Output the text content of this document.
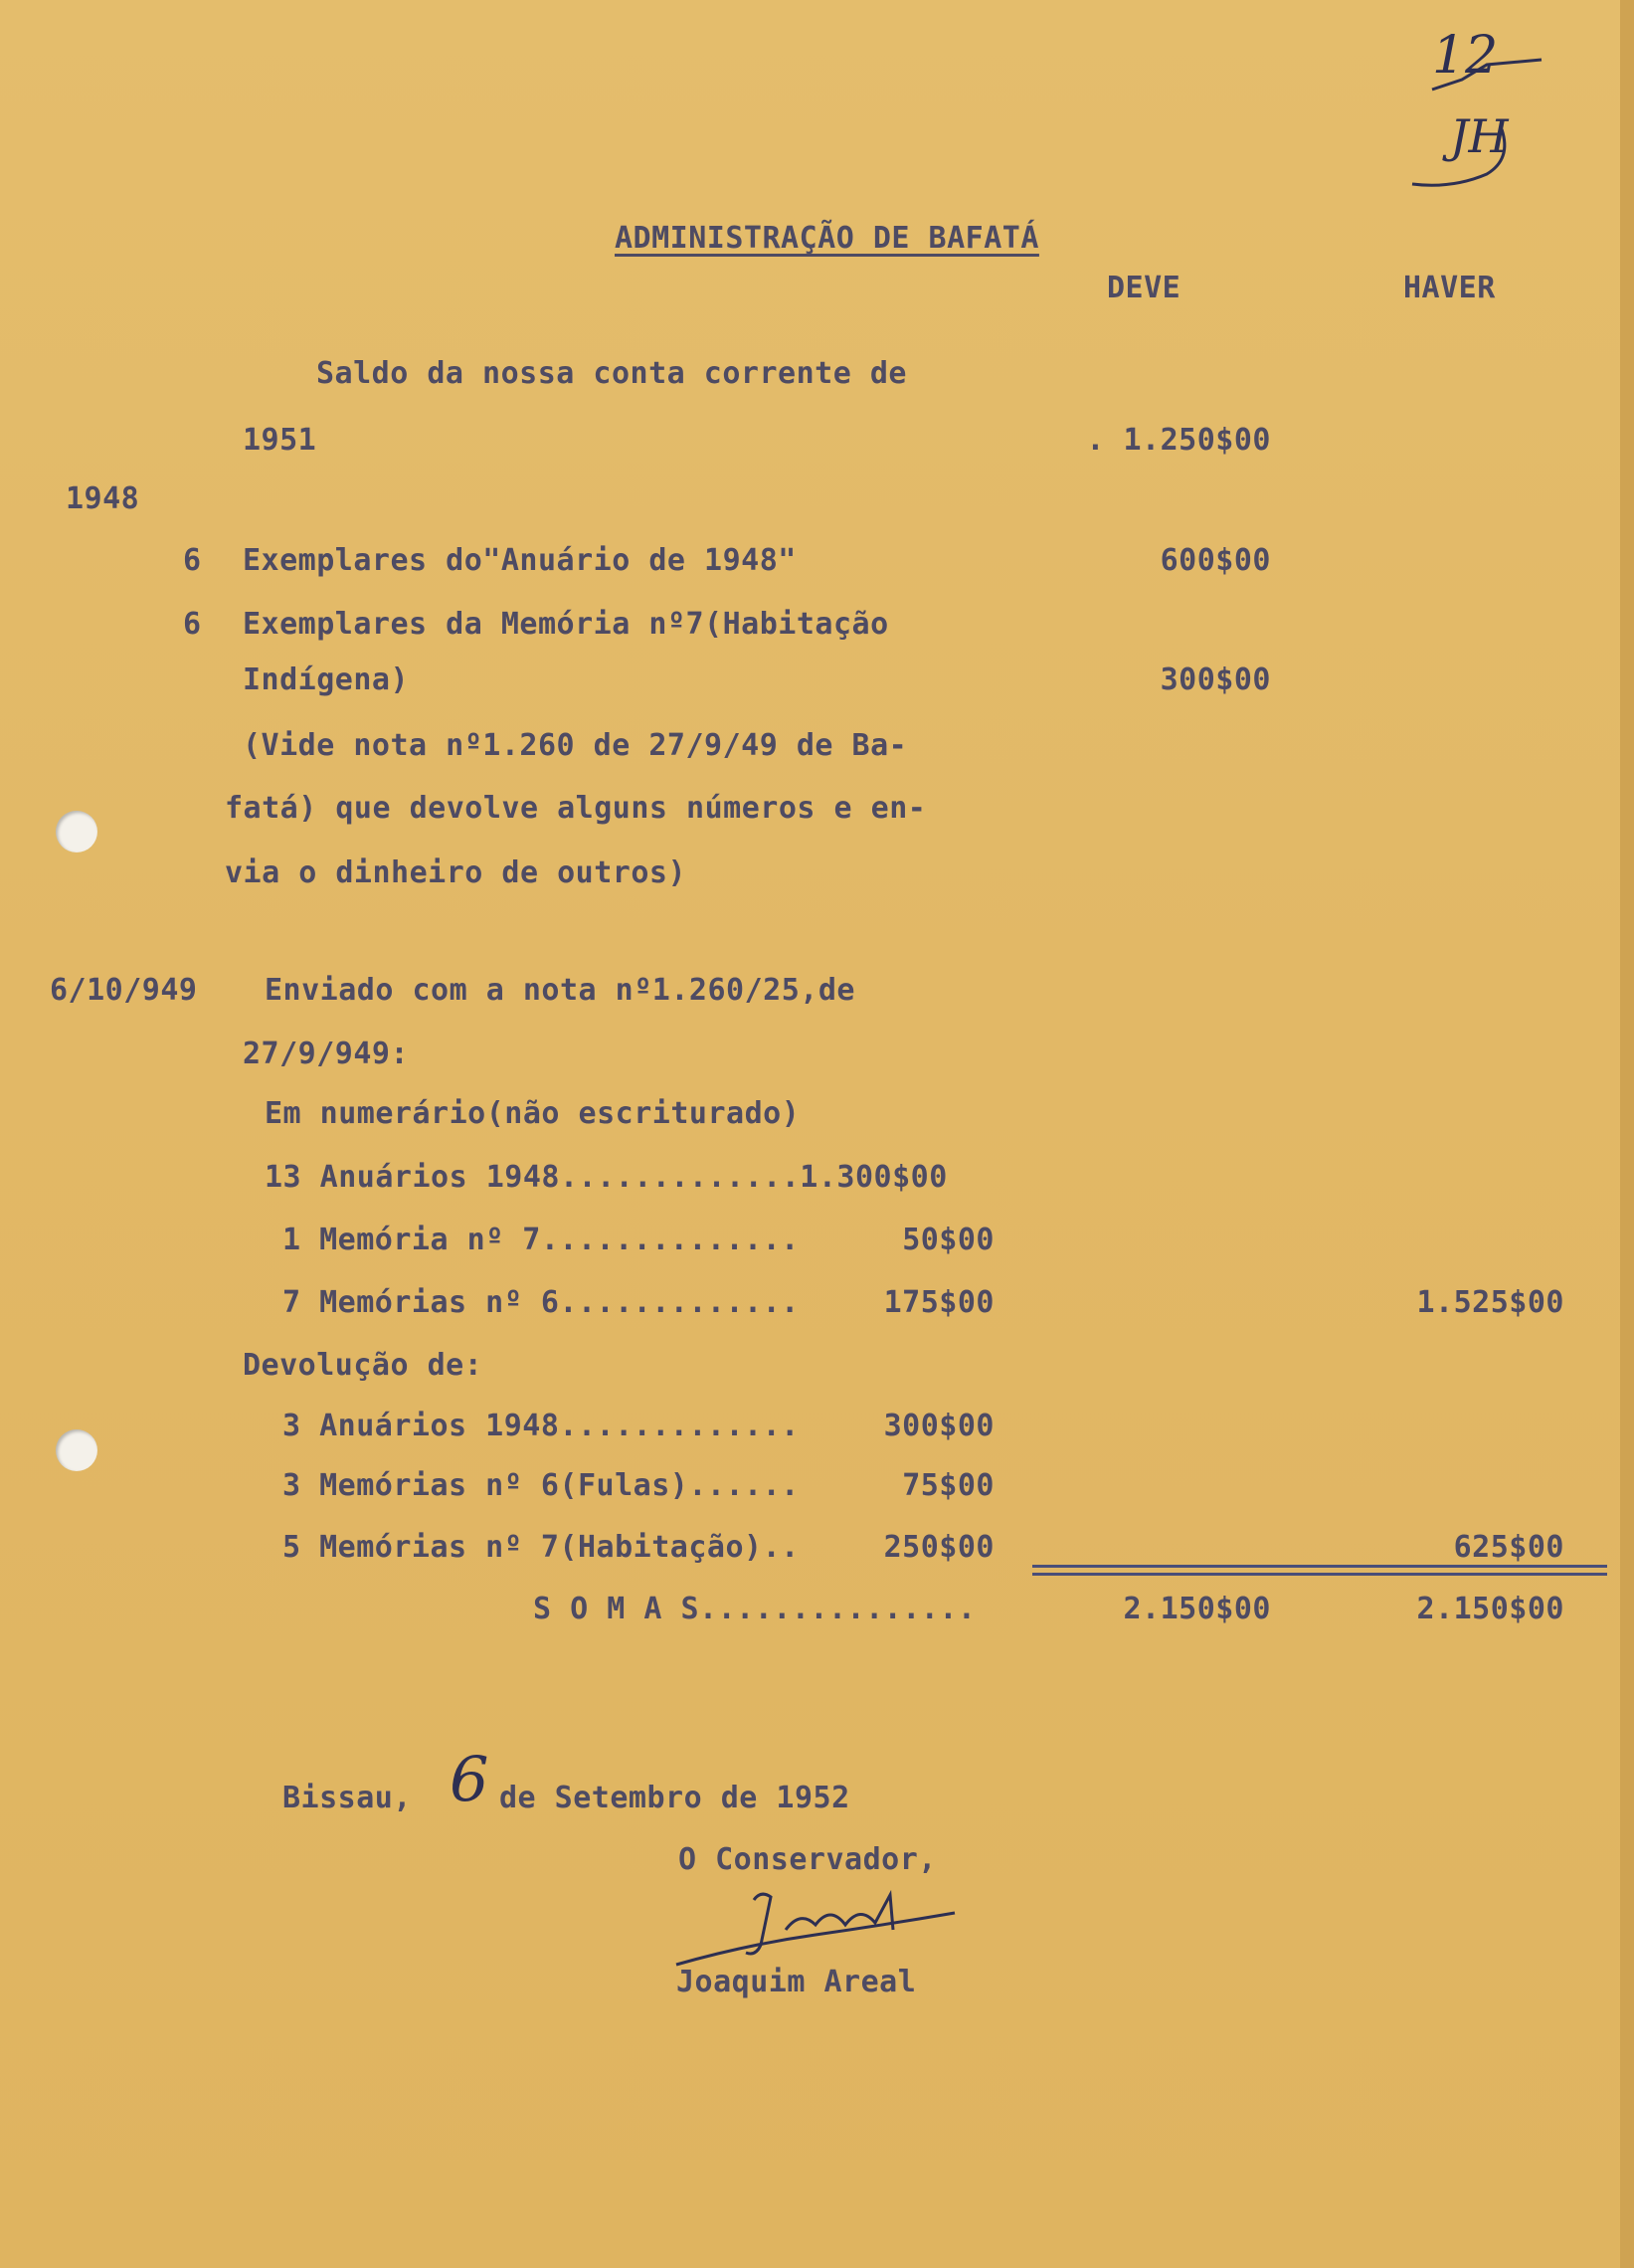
12
JH
ADMINISTRAÇÃO DE BAFATÁ
DEVE	HAVER
Saldo da nossa conta corrente de
1951	. 1.250$00
1948
6 Exemplares do"Anuário de 1948"	600$00
6 Exemplares da Memória nº7(Habitação
Indígena)	300$00
(Vide nota nº1.260 de 27/9/49 de Ba-
fatá) que devolve alguns números e en-
via o dinheiro de outros)
6/10/949 Enviado com a nota nº1.260/25,de
27/9/949:
Em numerário(não escriturado)
13 Anuários 1948.............1.300$00
1 Memória nº 7..............	50$00
7 Memórias nº 6.............	175$00	1.525$00
Devolução de:
3 Anuários 1948.............	300$00
3 Memórias nº 6(Fulas)......	75$00
5 Memórias nº 7(Habitação)..	250$00	625$00
S O M A S...............	2.150$00	2.150$00
Bissau, 6 de Setembro de 1952
O Conservador,
Joaquim Areal
